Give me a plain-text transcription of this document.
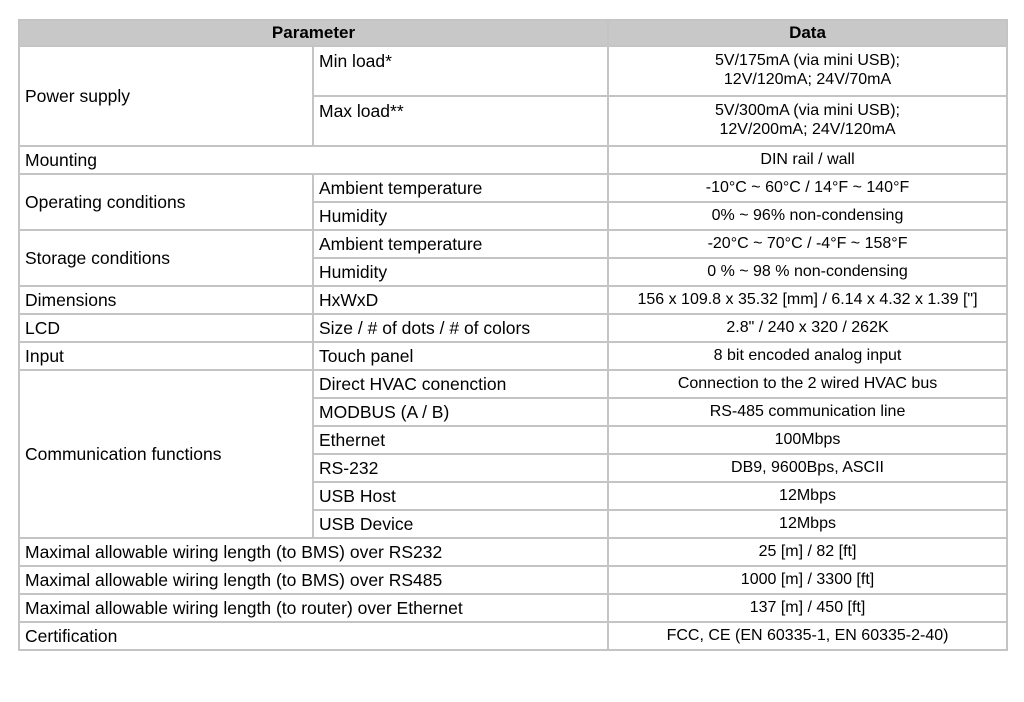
Parameter		Data
Power supply	Min load*	5V/175mA (via mini USB);
12V/120mA; 24V/70mA

	Max load**	5V/300mA (via mini USB);
12V/200mA; 24V/120mA

Mounting		DIN rail / wall
Operating conditions	Ambient temperature	-10°C ~ 60°C / 14°F ~ 140°F
	Humidity	0% ~ 96% non-condensing
Storage conditions	Ambient temperature	-20°C ~ 70°C / -4°F ~ 158°F
	Humidity	0 % ~ 98 % non-condensing
Dimensions	HxWxD	156 x 109.8 x 35.32 [mm] / 6.14 x 4.32 x 1.39 ["]
LCD	Size / # of dots / # of colors	2.8" / 240 x 320 / 262K
Input	Touch panel	8 bit encoded analog input
Communication functions	Direct HVAC conenction	Connection to the 2 wired HVAC bus
	MODBUS (A / B)	RS-485 communication line
	Ethernet	100Mbps
	RS-232	DB9, 9600Bps, ASCII
	USB Host	12Mbps
	USB Device	12Mbps
Maximal allowable wiring length (to BMS) over RS232		25 [m] / 82 [ft]
Maximal allowable wiring length (to BMS) over RS485		1000 [m] / 3300 [ft]
Maximal allowable wiring length (to router) over Ethernet		137 [m] / 450 [ft]
Certification		FCC, CE (EN 60335-1, EN 60335-2-40)
